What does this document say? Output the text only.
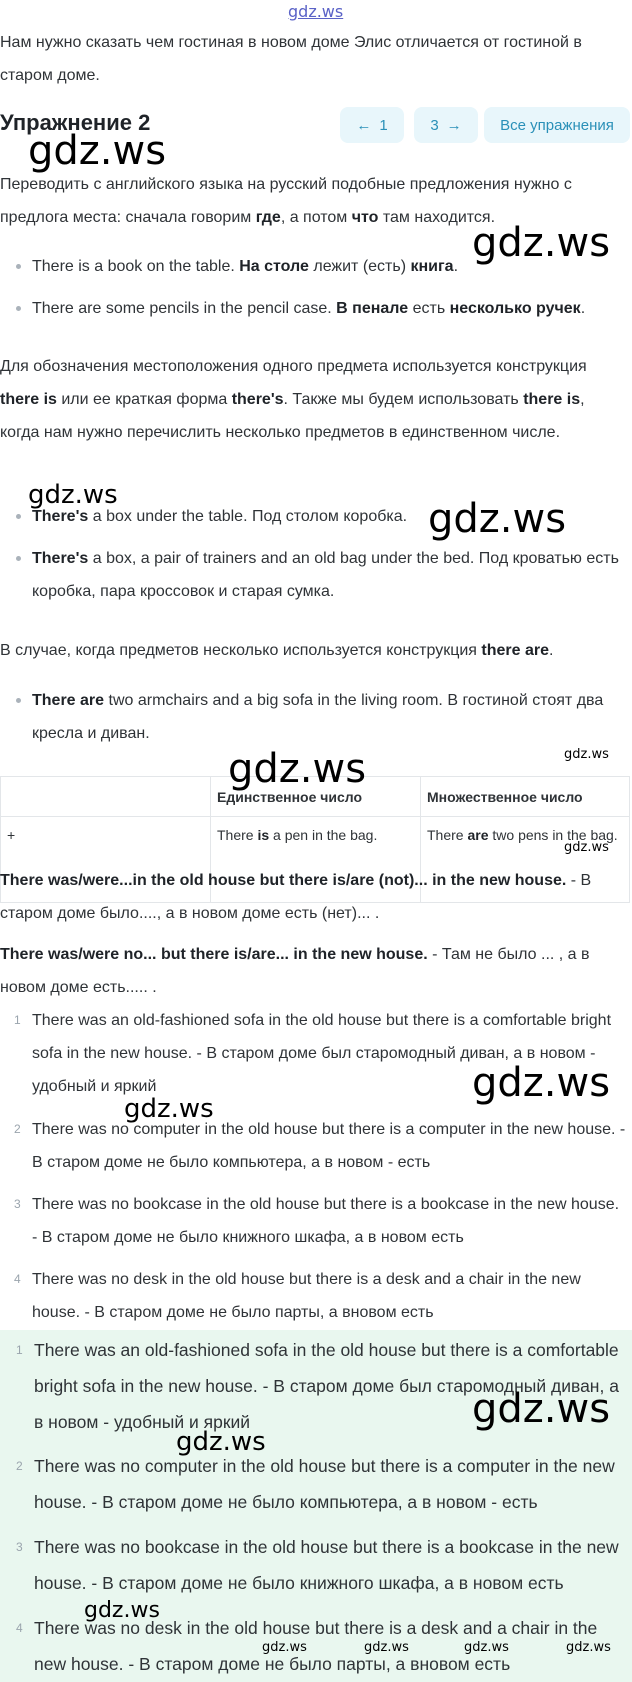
gdz.ws
Нам нужно сказать чем гостиная в новом доме Элис отличается от гостиной в старом доме.
Упражнение 2	← 1	3 →	Все упражнения
Переводить с английского языка на русский подобные предложения нужно с предлога места: сначала говорим где, а потом что там находится.
There is a book on the table. На столе лежит (есть) книга.
There are some pencils in the pencil case. В пенале есть несколько ручек.
Для обозначения местоположения одного предмета используется конструкция there is или ее краткая форма there's. Также мы будем использовать there is, когда нам нужно перечислить несколько предметов в единственном числе.
There's a box under the table. Под столом коробка.
There's a box, a pair of trainers and an old bag under the bed. Под кроватью есть коробка, пара кроссовок и старая сумка.
В случае, когда предметов несколько используется конструкция there are.
There are two armchairs and a big sofa in the living room. В гостиной стоят два кресла и диван.
	Единственное число	Множественное число
+	There is a pen in the bag.	There are two pens in the bag.
There was/were...in the old house but there is/are (not)... in the new house. - В старом доме было...., а в новом доме есть (нет)... .
There was/were no... but there is/are... in the new house. - Там не было ... , а в новом доме есть..... .
1 There was an old-fashioned sofa in the old house but there is a comfortable bright sofa in the new house. - В старом доме был старомодный диван, а в новом - удобный и яркий
2 There was no computer in the old house but there is a computer in the new house. - В старом доме не было компьютера, а в новом - есть
3 There was no bookcase in the old house but there is a bookcase in the new house. - В старом доме не было книжного шкафа, а в новом есть
4 There was no desk in the old house but there is a desk and a chair in the new house. - В старом доме не было парты, а вновом есть
1 There was an old-fashioned sofa in the old house but there is a comfortable bright sofa in the new house. - В старом доме был старомодный диван, а в новом - удобный и яркий
2 There was no computer in the old house but there is a computer in the new house. - В старом доме не было компьютера, а в новом - есть
3 There was no bookcase in the old house but there is a bookcase in the new house. - В старом доме не было книжного шкафа, а в новом есть
4 There was no desk in the old house but there is a desk and a chair in the new house. - В старом доме не было парты, а вновом есть
gdz.ws
gdz.ws
gdz.ws
gdz.ws
gdz.ws
gdz.ws
gdz.ws
gdz.ws
gdz.ws
gdz.ws
gdz.ws
gdz.ws
gdz.ws	gdz.ws	gdz.ws	gdz.ws
